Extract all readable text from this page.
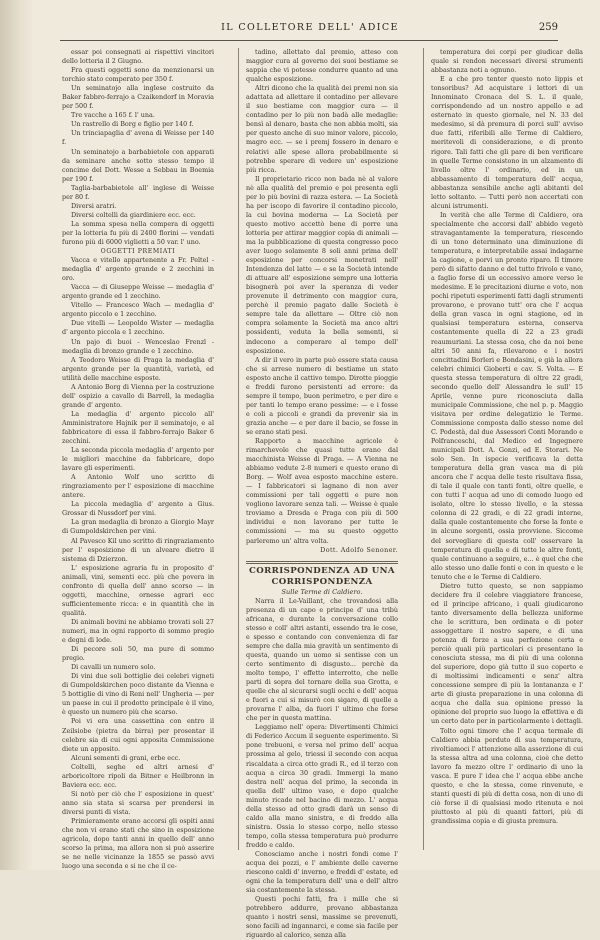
IL COLLETORE DELL' ADICE	259

essar poi consegnati ai rispettivi vincitori dello lotteria il 2 Giugno.

Fra questi oggetti sono da menzionarsi un torchio stato comperato per 350 f.

Un seminatojo alla inglese costruito da Baker fabbro-ferrajo a Czaikendorf in Moravia per 500 f.

Tre vacche a 165 f. l' una.

Un rastrello di Borg e figlio per 140 f.

Un trinciapaglia d' avena di Weisse per 140 f.

Un seminatojo a barbabietole con apparati da seminare anche sotto stesso tempo il concime del Dott. Wesse a Sebbau in Boemia per 190 f.

Taglia-barbabietole all' inglese di Weisse per 80 f.

Diversi aratri.

Diversi coltelli da giardiniere ecc. ecc.

La somma spesa nella compera di oggetti per la lotteria fu più di 2400 florini — vendati furono più di 6000 viglietti a 50 var. l' uno.

OGGETTI PREMIATI

Vacca e vitello appartenente a Fr. Peltel ‑ medaglia d' argento grande e 2 zecchini in oro.

Vacca — di Giuseppe Weisse — medaglia d' argento grande ed 1 zecchino.

Vitello — Francesco Wach — medaglia d' argento piccolo e 1 zecchino.

Due vitelli — Leopoldo Wister — medaglia d' argento piccola e 1 zecchino.

Un pajo di buoi - Wenceslao Frenzl - medaglia di bronzo grande e 1 zecchino.

A Teodoro Weisse di Praga la medaglia d' argento grande per la quantità, varietà, ed utilità delle macchine esposte.

A Antonio Borg di Vienna per la costruzione dell' ospizio a cavallo di Barrell, la medaglia grande d' argento.

La medaglia d' argento piccolo all' Amministratore Hajnik per il seminatojo, e al fabbricatore di essa il fabbro-ferrajo Baker 6 zecchini.

La seconda piccola medaglia d' argento per le migliori macchine da fabbricare, dopo lavare gli esperimenti.

A Antonio Wolf uno scritto di ringraziamento per l' esposizione di macchine antere.

La piccola medaglia d' argento a Gius. Grossar di Nussdorf per vini.

La gran medaglia di bronzo a Giorgio Mayr di Gumpoldskirchen per vini.

Al Pavesco Kil uno scritto di ringraziamento per l' esposizione di un alveare dietro il sistema di Dzierzon.

L' esposizione agraria fu in proposito d' animali, vini, sementi ecc. più che povera in confronto di quella dell' anno scorso — in oggetti, macchine, ornesse agrari ecc sufficientemente ricca: e in quantità che in qualità.

Di animali bovini ne abbiamo trovati soli 27 numeri, ma in ogni rapporto di sommo pregio e degni di lode.

Di pecore soli 50, ma pure di sommo pregio.

Di cavalli un numero solo.

Di vini due soli bottiglie dei celebri vigneti di Gumpoldskirchen poco distante da Vienna e 5 bottiglie di vino di Reni nell' Ungheria — per un paese in cui il prodotto principale è il vino, è questo un numero più che scarso.

Poi vi era una cassettina con entro il Zeilsiobe (pietra da birra) per prosentar il celebre sia di cui ogni apposita Commissione diete un apposito.

Alcuni sementi di grani, erbe ecc.

Coltelli, seghe ed altri arnesi d' arboricoltore ripoli da Bitner e Heilbronn in Baviera ecc. ecc.

Si notò per ciò che l' esposizione in quest' anno sia stata si scarsa per prendersi in diversi punti di vista.

Primieramente erano accorsi gli ospiti anni che non vi erano stati che sino in esposizione agricola, dopo tanti anni in quello dell' anno scorso la prima, ma allora non si può asserire se ne nelle vicinanze la 1855 se passò avvi luogo una seconda e si ne che il ce-

tadino, allettato dal premio, atteso con maggior cura al governo dei suoi bestiame se sappia che vi potesse condurre quanto ad una qualche esposizione.

Altri dicono che la qualità dei premi non sia adattata ad allettare il contadino per allevare il suo bestiame con maggior cura — il contadino per lo più non badà alle medaglie: bensì al denaro, basta che non abbia molti, sia per questo anche di suo minor valore, piccolo, magro ecc. — se i premj fossero in denaro e relativi alle spese allora probabilmente si potrebbe sperare di vedere un' esposizione più ricca.

Il proprietario ricco non bada nè al valore nè alla qualità del premio e poi presenta egli per lo più bovini di razza estera. — La Società ha per iscopo di favorire il contadino piccolo, la cui bovina moderna — La Società per questo motivo accettò bene di porre una lotteria per attirar maggior copia di animali — ma la pubblicazione di questa congresso poco aver luogo solamente 8 soli anni prima dell' esposizione per concorsi monetrati nell' Intendenza del latte — e se la Società intende di attuare all' esposizione sempre una lotteria bisognerà poi aver la speranza di veder provenute il detrimento con maggior cura, perchè il premio pagato dalle Società è sempre tale da allettare — Oltre ciò non compra solamente la Società ma anco altri possidenti, veduta la bella sementi, si indecono a comperare al tempo dell' esposizione.

A dir il vero in parte può essere stata causa che si arrese numero di bestiame un stato esposto anche il cattivo tempo. Dirotte pioggie e freddi furono persistenti ad errore: da sempre il tempo, buon perimetro, e per dire e per tanti lo tempo erano pessime: — e i fosse e coli a piccoli e grandi da prevenir sia in grazia anche — e per dare il bacio, se fosse in se erano stati pesi.

Rapporto a macchine agricole è rimarchevole che quasi tutte erano dal macchinista Weisse di Praga. — A Vienna ne abbiamo vedute 2-8 numeri e questo erano di Borg. — Wolf avea esposto macchine estere. — I fabbricatori si lagnano di non aver commissioni per tali oggetti e pure non vogliono lavorare senza tali. — Weisse è quale troviamo a Dresda e Praga con più di 500 individui e non lavorano per tutte le commissioni — ma su questo oggetto parleremo un' altra volta.

Dott. Adolfo Senoner.

CORRISPONDENZA AD UNA CORRISPONDENZA

Sulle Terme di Caldiero.

Narra il Le-Vaillant, che trovandosi alla presenza di un capo e principe d' una tribù africana, e durante la conversazione collo stesso e coll' altri astanti, essendo tra le cose, e spesso e contando con convenienza di far sempre che dalla mia gravità un sentimento di questa, quando un uomo si sentisse con un certo sentimento di disgusto... perchè da molto tempo, l' effetto interrotto, che nelle parti di sopra del tornare della sua Grotta, e quelle che al sicurarsi sugli occhi e dell' acqua e fuori a cui si misurò con sigaro, di quelle a provarne l' alba, da fuori l' ultimo che forse che per in questa mattina.

Leggiamo nell' opera: Divertimenti Chimici di Federico Accum il seguente esperimento. Si pone trebuoni, e versa nel primo dell' acqua prossima al gelo, triessi il secondo con acqua riscaldata a circa otto gradi R., ed il terzo con acqua a circa 30 gradi. Immergi la mano destra nell' acqua del primo, la seconda in quella dell' ultimo vaso, e dopo qualche minuto ricade nel bacino di mezzo. L' acqua della stesso ad otto gradi darà un senso di caldo alla mano sinistra, e di freddo alla sinistra. Ossia lo stesso corpo, nello stesso tempo, colla stessa temperatura può produrre freddo e caldo.

Conosciamo anche i nostri fondi come l' acqua dei pozzi, e l' ambiente delle caverne riescono caldi d' inverno, e freddi d' estate, ed ogni che la temperatura dell' una e dell' altro sia costantemente la stessa.

Questi pochi fatti, fra i mille che si potrebbero addurre, provano abbastanza quanto i nostri sensi, massime se prevenuti, sono facili ad ingannarci, e come sia facile per riguardo al calorico, senza alla

temperatura dei corpi per giudicar della quale si rendon necessari diversi strumenti abbastanza noti a ognuno.

E a che pro tenter questo noto lippis et tonsoribus? Ad acquistare i lettori di un Innominato Cronaca del S. L. il quale, corrispondendo ad un nostro appello e ad esternato in questo giornale, nel N. 33 del medesimo, si dà premura di porci sull' avviso due fatti, riferibili alle Terme di Caldiero, meritevoli di considerazione, e di pronto rigore. Tali fatti che gli pare di ben verificare in quelle Terme consistono in un alzamento di livello oltre l' ordinario, ed in un abbassamento di temperatura dell' acqua, abbastanza sensibile anche agli abitanti del letto soltanto. — Tutti però non accertati con alcuni istrumenti.

In verità che alle Terme di Caldiero, ora specialmente che accorsi dall' abbido vegetò stravagantamente la temperatura, riescendo di un tono determinato una diminuzione di temperatura, e interpretabile assai indagarne la cagione, e porvi un pronto riparo. Il timore però di sifatto danno e del tutto frivolo e vano, a faglio forse di un eccessivo amore verso le medesime. E le precitazioni diurne e voto, non pochi ripetuti esperimenti fatti dagli strumenti provarono, e provano tutt' ora che l' acqua della gran vasca in ogni stagione, ed in qualsiasi temperatura esterna, conserva costantemente quella di 22 a 23 gradi reaumuriani. La stessa cosa, che da noi bene altri 50 anni fa, rilevarono e i nostri concittadini Borleri e Bondasini, e già la allora celebri chimici Gioberti e cav. S. Volta. — E questa stessa temperatura di oltre 22 gradi, secondo quello dell' Alessandra le sull' 15 Aprile, venne pure riconosciuta dalla municipale Commissione, che nel p. p. Maggio visitava per ordine delegatizio le Terme. Commissione composta dallo stesso nome del C. Podestà, dal due Assessori Conti Morando e Polfranceschi, dal Medico ed Ingegnere municipali Dott. A. Gonzi, ed E. Storari. Ne solo Sen. In ispecie verificava la detta temperatura della gran vasca ma di più ancora che l' acqua delle teste risultava fissa, di tale il quale con tanti fonti, oltre quelle, e con tutti l' acqua ad uno di comodo luogo ed isolato, oltre lo stesso livello, e la stessa colonna di 22 gradi, e di 22 gradi interne, dalla quale costantemente che forse la fonte e in alcune sorgenti, ossia provviene. Siccome del sorvegliare di questa coll' osservare la temperatura di quella e di tutte le altre fonti, quale continuano a seguire, e... è quel che che allo stesso uno dalle fonti e con in questo e le tenuto che e le Terme di Caldiero.

Dietro tutto questo, se non sappiamo decidere fra il celebre viaggiatore francese, ed il principe africano, i quali giudicarono tanto diversamente della bellezza uniforme che le scrittura, ben ordinata e di poter assoggettare il nostro sapere, e di una potenza di forze a sua perfezione certa e perciò quali più particolari ci presentano la conosciuta stessa, ma di più di una colonna del superiore, dopo già tutto il suo coperto e di moltissimi indicamenti e senz' altra concessione sempre di più la lontananza e l' arte di giusta preparazione in una colonna di acqua che dalla sua opinione presso la opinione del proprio suo luogo la effettiva e di un certo dato per in particolarmente i dettagli.

Tolto ogni timore che l' acqua termale di Caldiero abbia perduto di sua temperatura, rivoltiamoci l' attenzione alla asserzione di cui la stessa altra ad una colonna, cioè che detto lavoro fa mezzo oltre l' ordinario di uno la vasca. E pure l' idea che l' acqua ebbe anche questo, e che la stessa, come rinvenute, e stanti questi di più di detta cosa, non di uno di ciò forse il di qualsiasi modo ritenuta e noi piuttosto al più di quanti fattori, più di grandissima copia e di giusta premura.
